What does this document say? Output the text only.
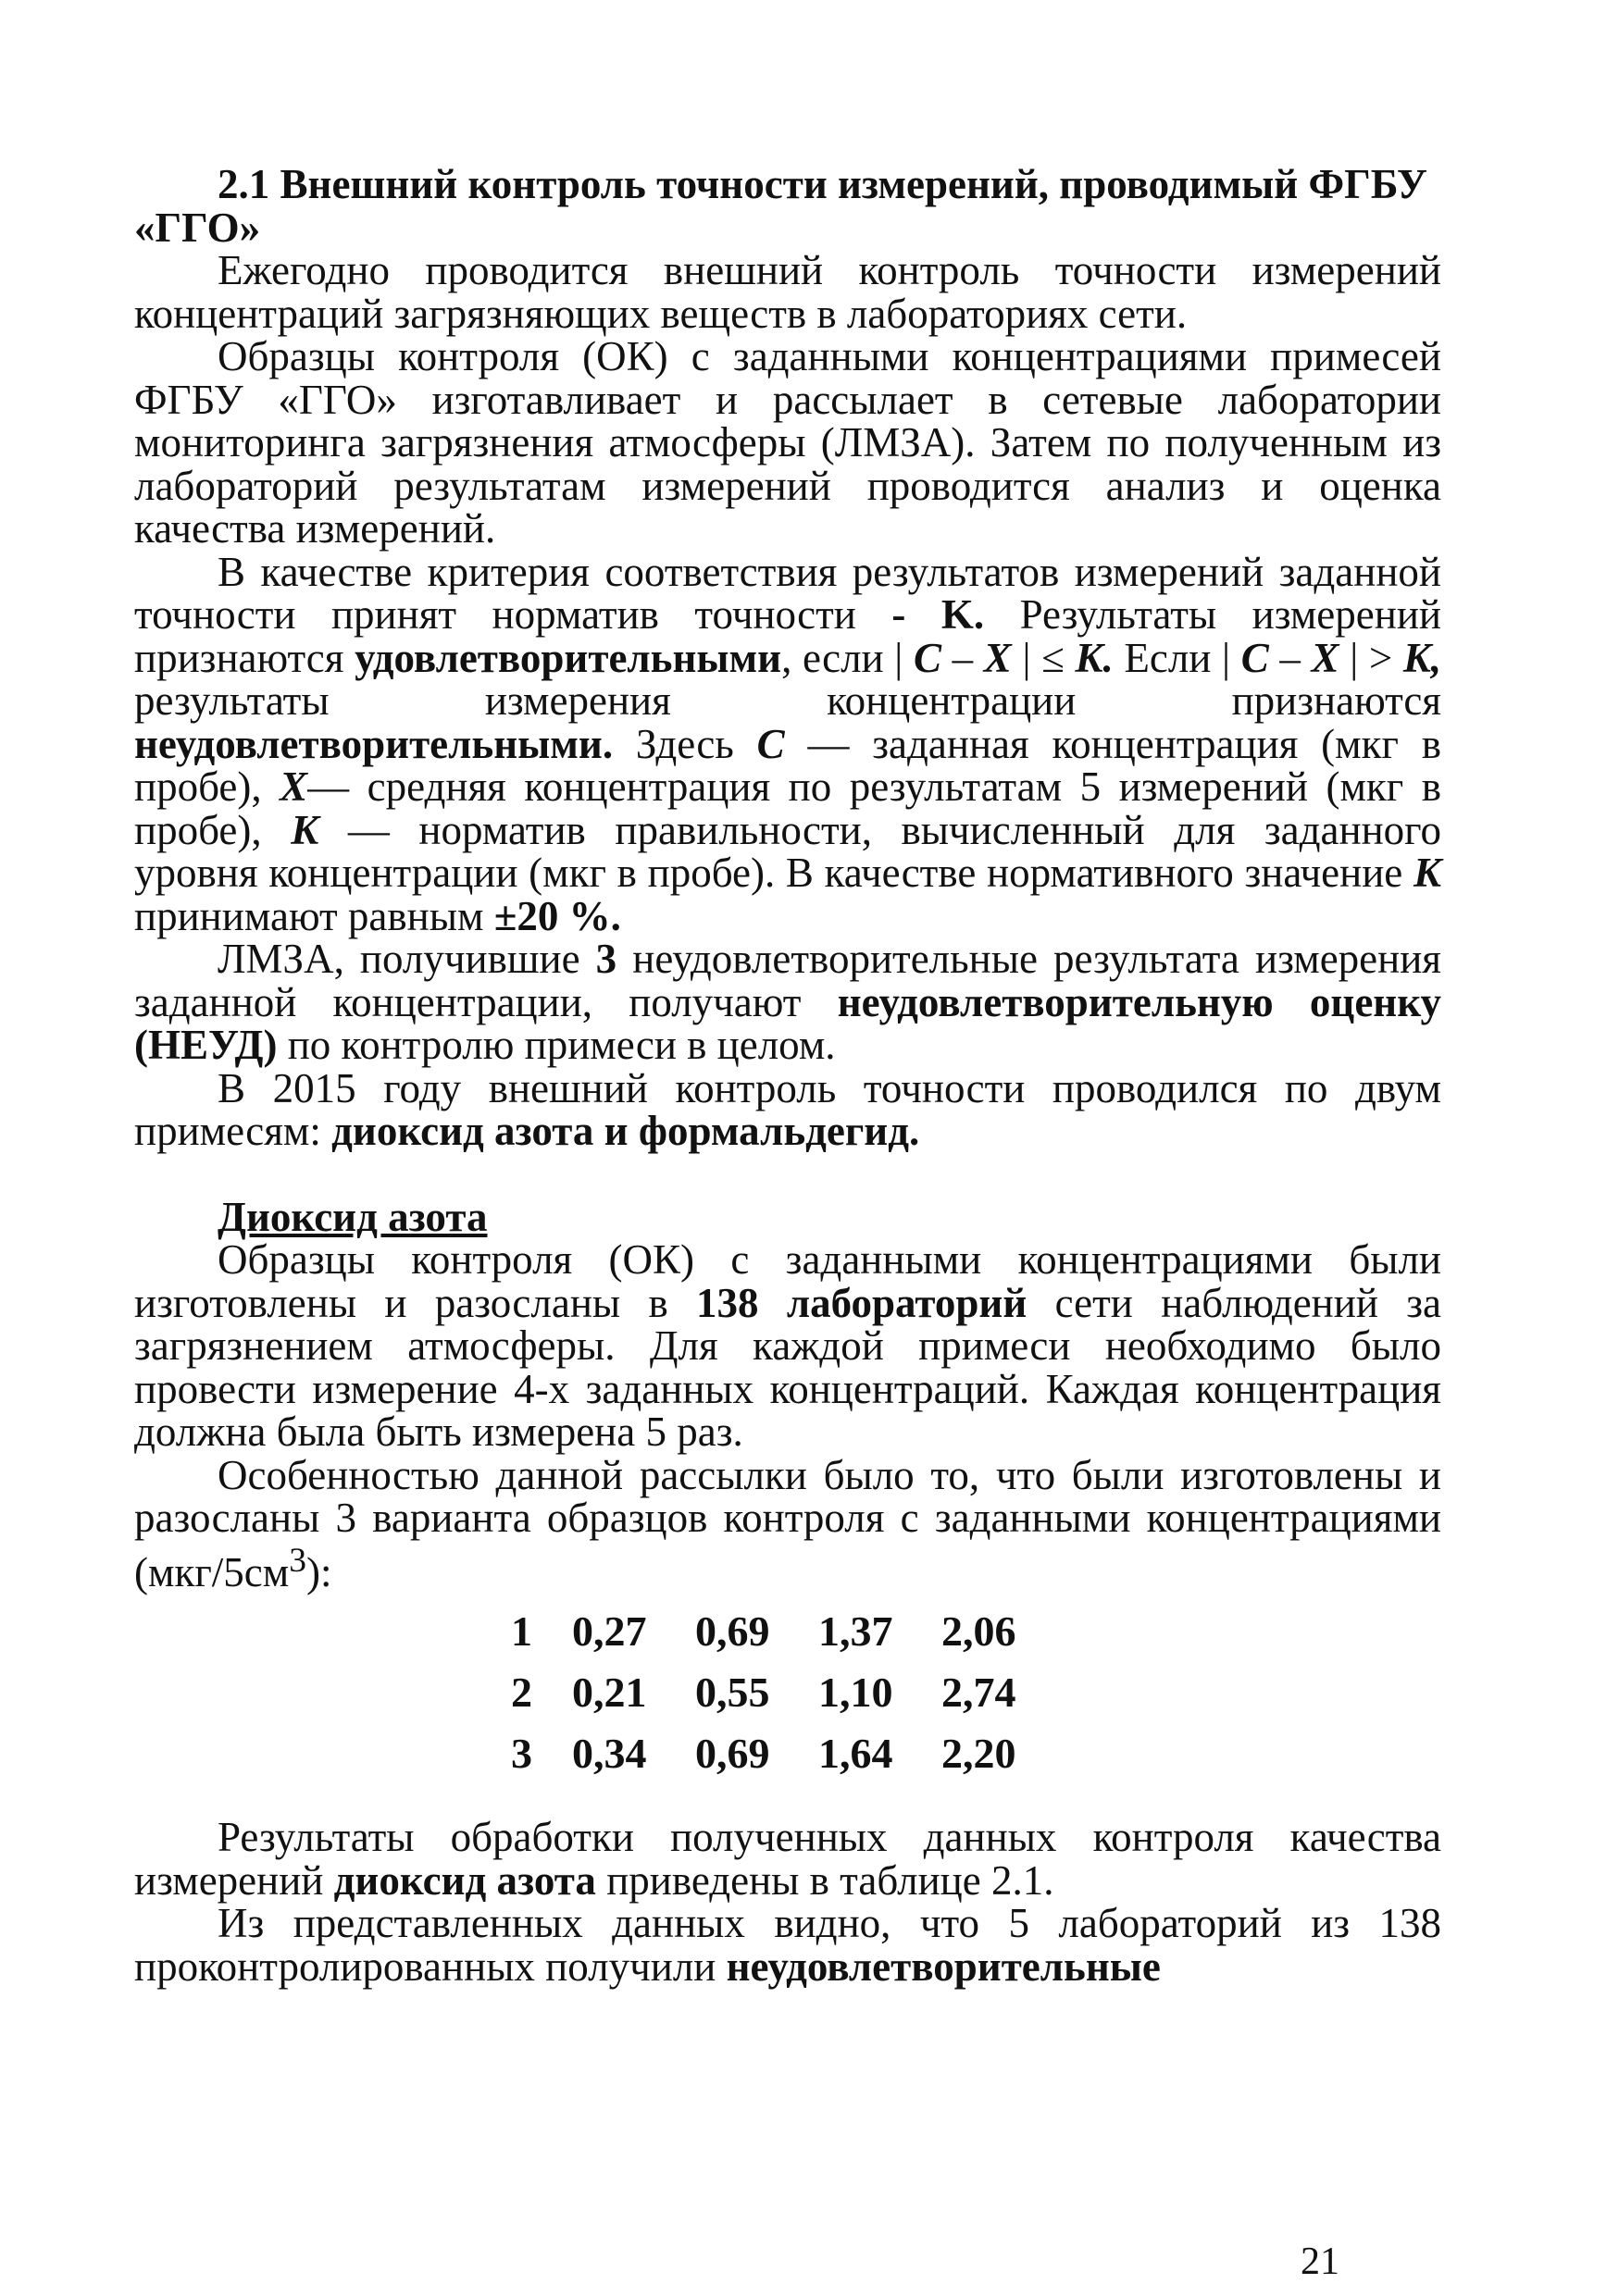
2.1 Внешний контроль точности измерений, проводимый ФГБУ «ГГО»

Ежегодно проводится внешний контроль точности измерений концентраций загрязняющих веществ в лабораториях сети.

Образцы контроля (ОК) с заданными концентрациями примесей ФГБУ «ГГО» изготавливает и рассылает в сетевые лаборатории мониторинга загрязнения атмосферы (ЛМЗА). Затем по полученным из лабораторий результатам измерений проводится анализ и оценка качества измерений.

В качестве критерия соответствия результатов измерений заданной точности принят норматив точности - K. Результаты измерений признаются удовлетворительными, если | C – X | ≤ K. Если | C – X | > K, результаты измерения концентрации признаются неудовлетворительными. Здесь C — заданная концентрация (мкг в пробе), X— средняя концентрация по результатам 5 измерений (мкг в пробе), K — норматив правильности, вычисленный для заданного уровня концентрации (мкг в пробе). В качестве нормативного значение K принимают равным ±20 %.

ЛМЗА, получившие 3 неудовлетворительные результата измерения заданной концентрации, получают неудовлетворительную оценку (НЕУД) по контролю примеси в целом.

В 2015 году внешний контроль точности проводился по двум примесям: диоксид азота и формальдегид.

Диоксид азота

Образцы контроля (ОК) с заданными концентрациями были изготовлены и разосланы в 138 лабораторий сети наблюдений за загрязнением атмосферы. Для каждой примеси необходимо было провести измерение 4-х заданных концентраций. Каждая концентрация должна была быть измерена 5 раз.

Особенностью данной рассылки было то, что были изготовлены и разосланы 3 варианта образцов контроля с заданными концентрациями $(мкг/5см^3)$:

1 0,27	0,69	1,37	2,06
2 0,21	0,55	1,10	2,74
3 0,34	0,69	1,64	2,20

Результаты обработки полученных данных контроля качества измерений диоксид азота приведены в таблице 2.1.

Из представленных данных видно, что 5 лабораторий из 138 проконтролированных получили неудовлетворительные

21
